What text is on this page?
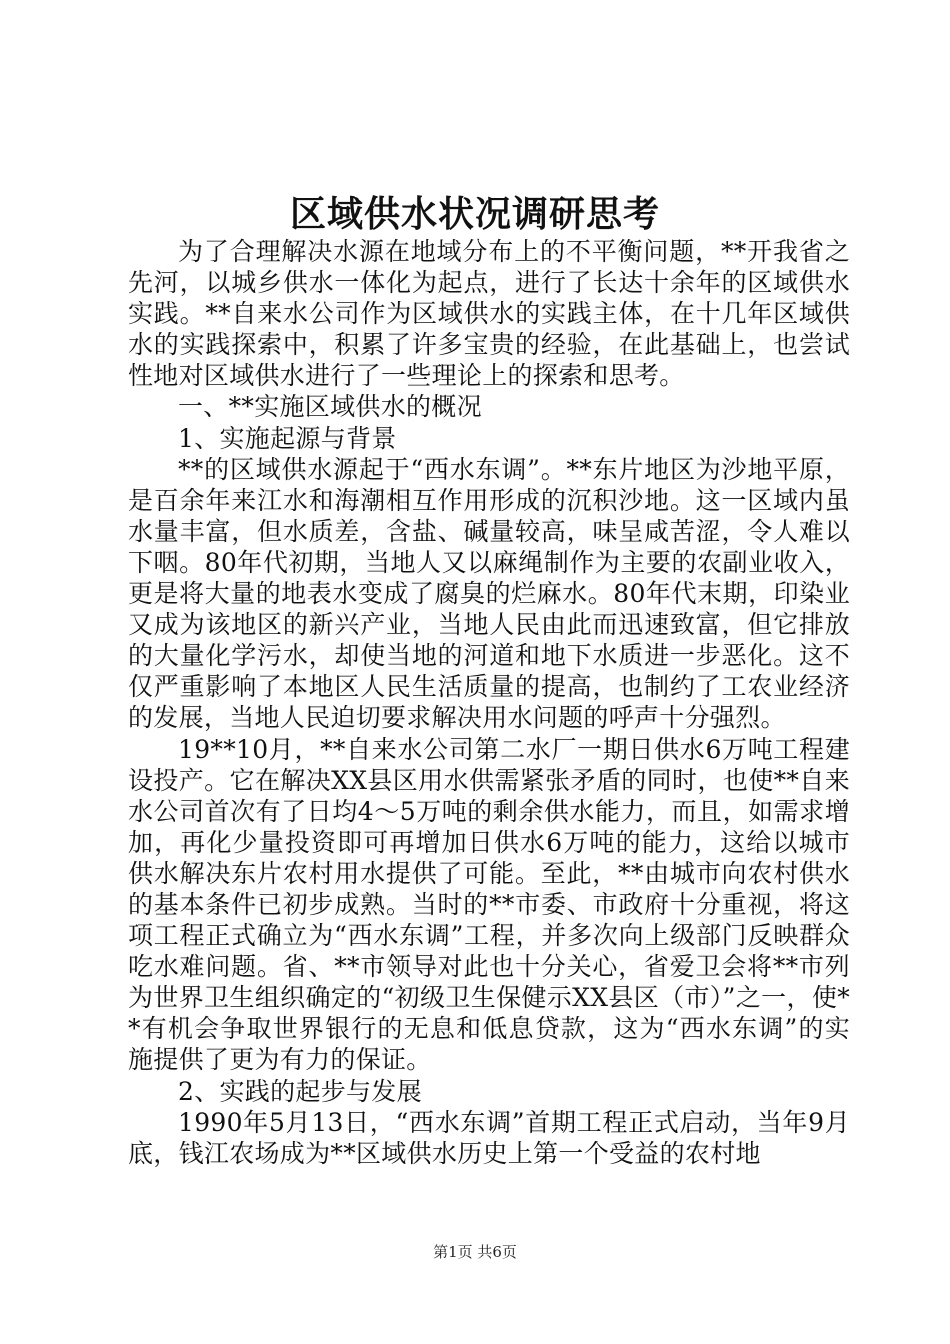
区域供水状况调研思考

为了合理解决水源在地域分布上的不平衡问题，**开我省之先河，以城乡供水一体化为起点，进行了长达十余年的区域供水实践。**自来水公司作为区域供水的实践主体，在十几年区域供水的实践探索中，积累了许多宝贵的经验，在此基础上，也尝试性地对区域供水进行了一些理论上的探索和思考。

一、**实施区域供水的概况

1、实施起源与背景

**的区域供水源起于“西水东调”。**东片地区为沙地平原，是百余年来江水和海潮相互作用形成的沉积沙地。这一区域内虽水量丰富，但水质差，含盐、碱量较高，味呈咸苦涩，令人难以下咽。80年代初期，当地人又以麻绳制作为主要的农副业收入，更是将大量的地表水变成了腐臭的烂麻水。80年代末期，印染业又成为该地区的新兴产业，当地人民由此而迅速致富，但它排放的大量化学污水，却使当地的河道和地下水质进一步恶化。这不仅严重影响了本地区人民生活质量的提高，也制约了工农业经济的发展，当地人民迫切要求解决用水问题的呼声十分强烈。

19**10月，**自来水公司第二水厂一期日供水6万吨工程建设投产。它在解决XX县区用水供需紧张矛盾的同时，也使**自来水公司首次有了日均4～5万吨的剩余供水能力，而且，如需求增加，再化少量投资即可再增加日供水6万吨的能力，这给以城市供水解决东片农村用水提供了可能。至此，**由城市向农村供水的基本条件已初步成熟。当时的**市委、市政府十分重视，将这项工程正式确立为“西水东调”工程，并多次向上级部门反映群众吃水难问题。省、**市领导对此也十分关心，省爱卫会将**市列为世界卫生组织确定的“初级卫生保健示XX县区（市）”之一，使**有机会争取世界银行的无息和低息贷款，这为“西水东调”的实施提供了更为有力的保证。

2、实践的起步与发展

1990年5月13日，“西水东调”首期工程正式启动，当年9月底，钱江农场成为**区域供水历史上第一个受益的农村地

第1页 共6页
